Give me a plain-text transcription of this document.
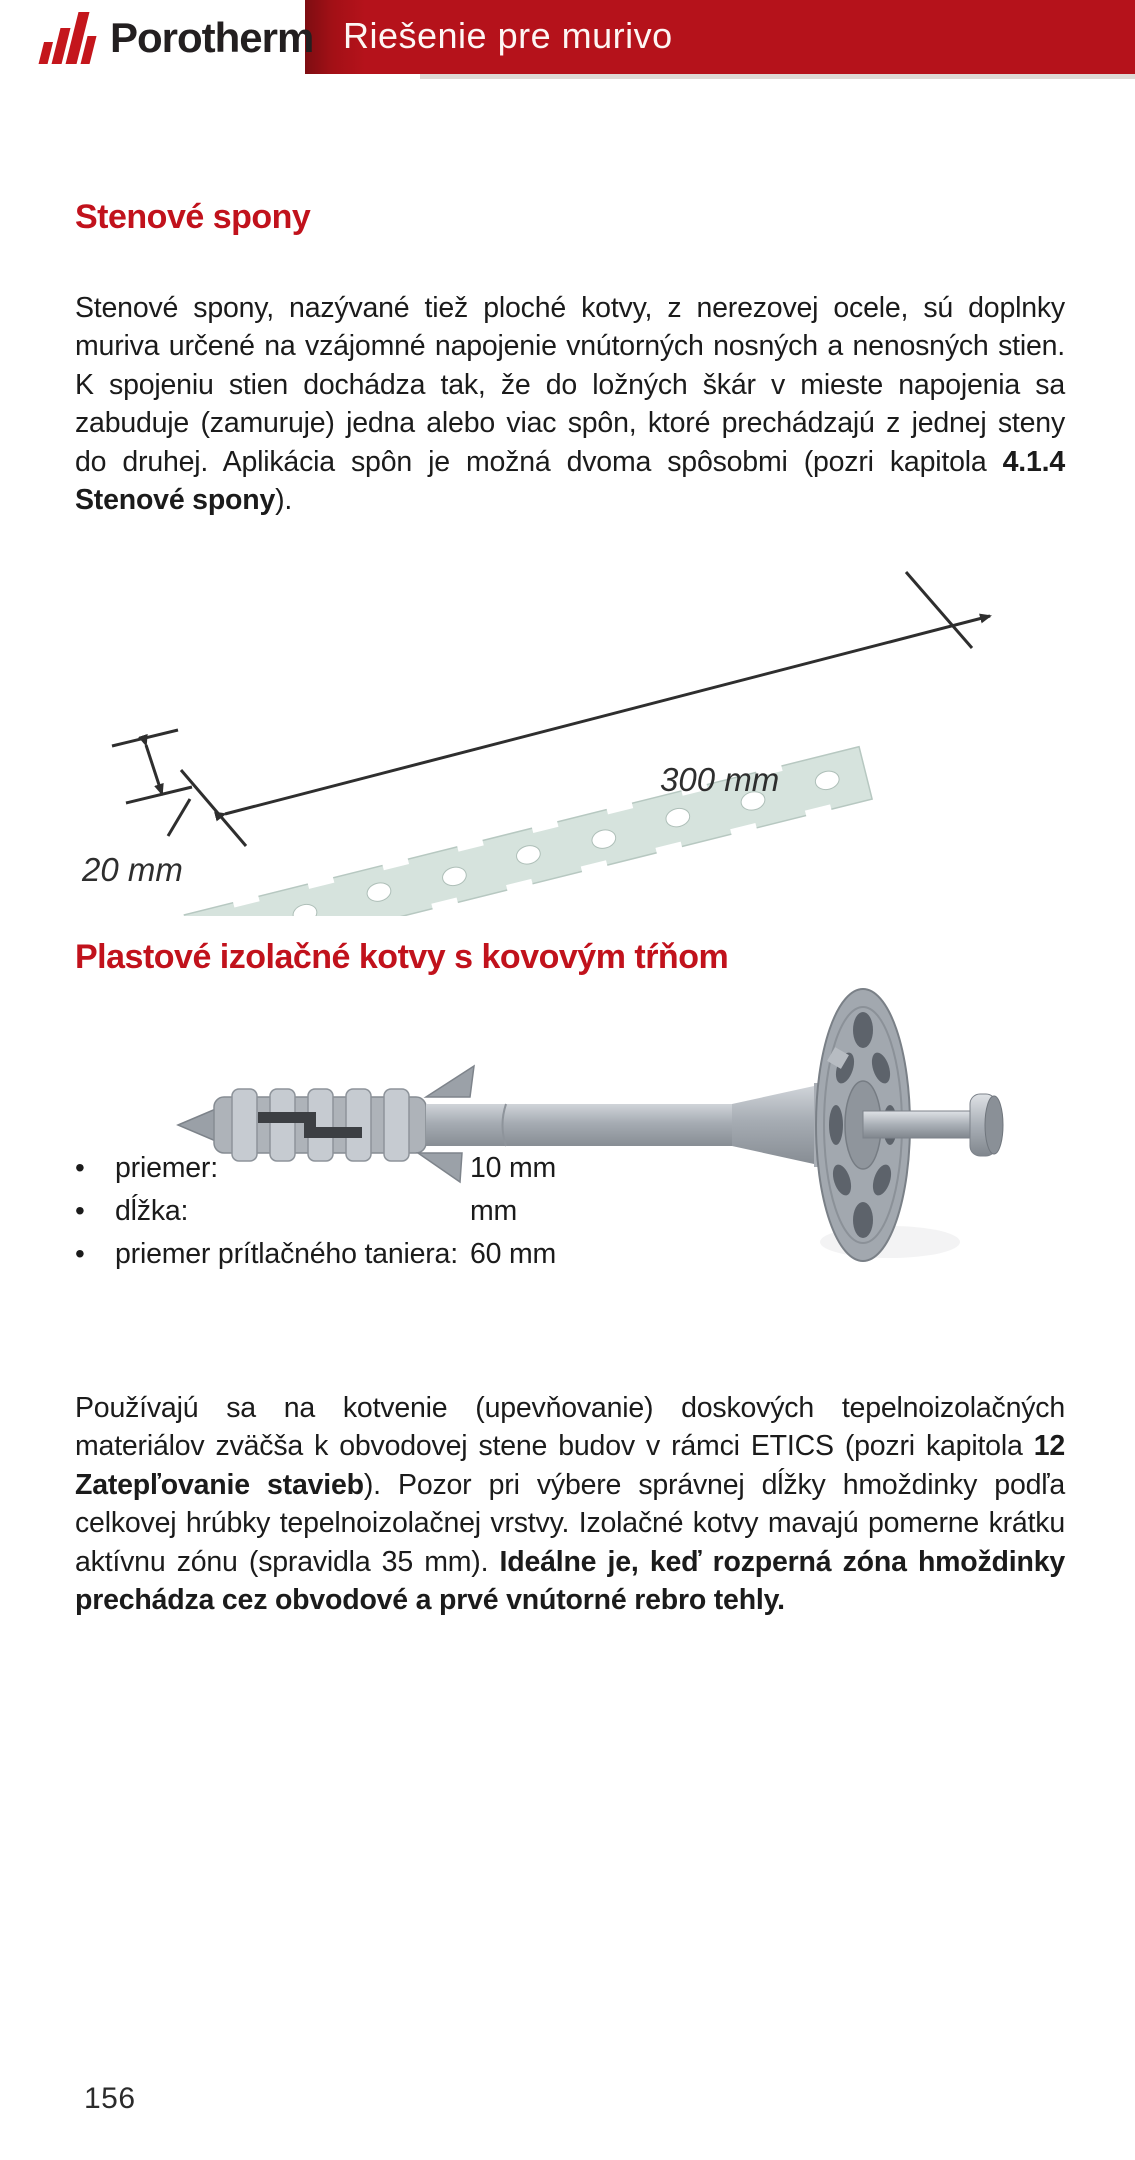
Riešenie pre murivo
Porotherm
Stenové spony

Stenové spony, nazývané tiež ploché kotvy, z nerezovej ocele, sú doplnky muriva určené na vzájomné napojenie vnútorných nosných a nenosných stien. K spojeniu stien dochádza tak, že do ložných škár v mieste napojenia sa zabuduje (zamuruje) jedna alebo viac spôn, ktoré prechádzajú z jednej steny do druhej. Aplikácia spôn je možná dvoma spôsobmi (pozri kapitola 4.1.4 Stenové spony).

300 mm
20 mm
Plastové izolačné kotvy s kovovým tŕňom
•	priemer:	10 mm
•	dĺžka:	mm
•	priemer prítlačného taniera: 60 mm

Používajú sa na kotvenie (upevňovanie) doskových tepelnoizolačných materiálov zväčša k obvodovej stene budov v rámci ETICS (pozri kapitola 12 Zatepľovanie stavieb). Pozor pri výbere správnej dĺžky hmoždinky podľa celkovej hrúbky tepelnoizolačnej vrstvy. Izolačné kotvy mavajú pomerne krátku aktívnu zónu (spravidla 35 mm). Ideálne je, keď rozperná zóna hmoždinky prechádza cez obvodové a prvé vnútorné rebro tehly.

156
